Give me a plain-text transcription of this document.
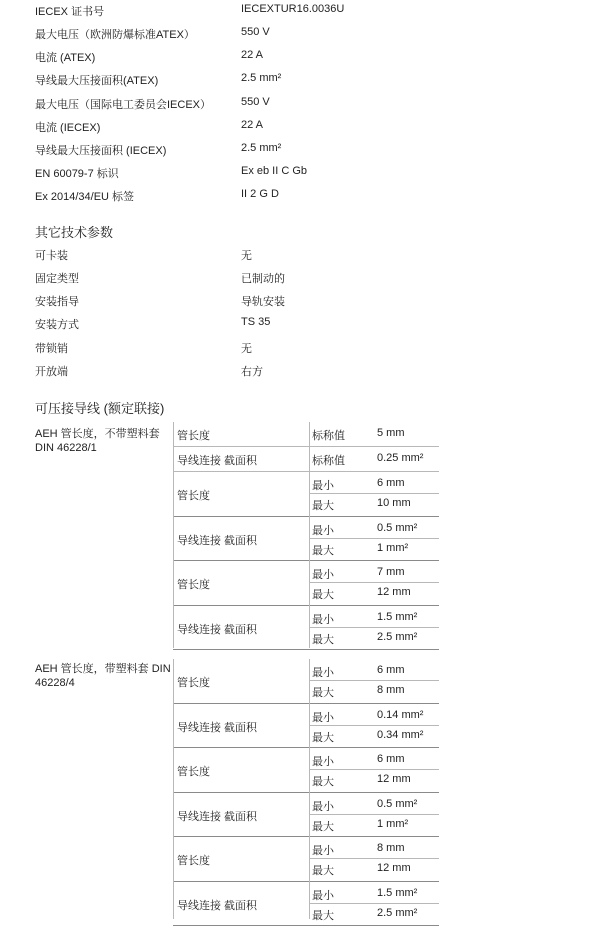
IECEX 证书号	IECEXTUR16.0036U
最大电压（欧洲防爆标准ATEX）	550 V
电流 (ATEX)	22 A
导线最大压接面积(ATEX)	2.5 mm²
最大电压（国际电工委员会IECEX）	550 V
电流 (IECEX)	22 A
导线最大压接面积 (IECEX)	2.5 mm²
EN 60079-7 标识	Ex eb II C Gb
Ex 2014/34/EU 标签	II 2 G D
其它技术参数
可卡装	无
固定类型	已制动的
安装指导	导轨安装
安装方式	TS 35
带锁销	无
开放端	右方
可压接导线 (额定联接)
AEH 管长度，不带塑料套
DIN 46228/1
管长度	标称值	5 mm
导线连接 截面积	标称值	0.25 mm²
管长度
最小	6 mm
最大	10 mm
导线连接 截面积
最小	0.5 mm²
最大	1 mm²
管长度
最小	7 mm
最大	12 mm
导线连接 截面积
最小	1.5 mm²
最大	2.5 mm²
AEH 管长度，带塑料套 DIN
46228/4	管长度
最小	6 mm
最大	8 mm
导线连接 截面积
最小	0.14 mm²
最大	0.34 mm²
管长度
最小	6 mm
最大	12 mm
导线连接 截面积
最小	0.5 mm²
最大	1 mm²
管长度
最小	8 mm
最大	12 mm
导线连接 截面积
最小	1.5 mm²
最大	2.5 mm²
